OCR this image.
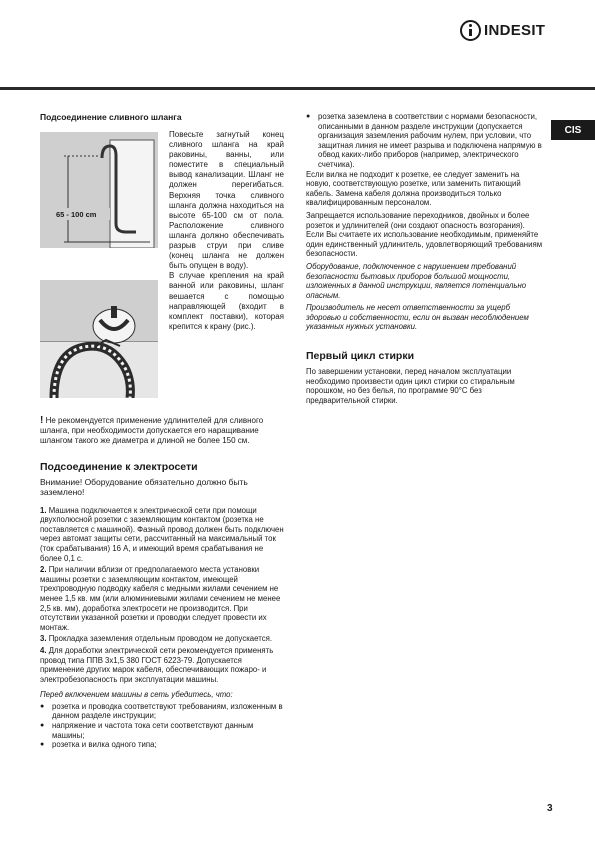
INDESIT
CIS
Подсоединение сливного шланга
65 - 100 cm

Повесьте загнутый конец сливного шланга на край раковины, ванны, или поместите в специальный вывод канализации. Шланг не должен перегибаться. Верхняя точка сливного шланга должна находиться на высоте 65-100 см от пола. Расположение сливного шланга должно обеспечивать разрыв струи при сливе (конец шланга не должен быть опущен в воду).

В случае крепления на край ванной или раковины, шланг вешается с помощью направляющей (входит в комплект поставки), которая крепится к крану (рис.).

! Не рекомендуется применение удлинителей для сливного шланга, при необходимости допускается его наращивание шлангом такого же диаметра и длиной не более 150 см.

Подсоединение к электросети

Внимание! Оборудование обязательно должно быть заземлено!

1. Машина подключается к электрической сети при помощи двухполюсной розетки с заземляющим контактом (розетка не поставляется с машиной). Фазный провод должен быть подключен через автомат защиты сети, рассчитанный на максимальный ток (ток срабатывания) 16 А, и имеющий время срабатывания не более 0,1 с.

2. При наличии вблизи от предполагаемого места установки машины розетки с заземляющим контактом, имеющей трехпроводную подводку кабеля с медными жилами сечением не менее 1,5 кв. мм (или алюминиевыми жилами сечением не менее 2,5 кв. мм), доработка электросети не производится. При отсутствии указанной розетки и проводки следует провести их монтаж.

3. Прокладка заземления отдельным проводом не допускается.

4. Для доработки электрической сети рекомендуется применять провод типа ППВ 3х1,5 380 ГОСТ 6223-79. Допускается применение других марок кабеля, обеспечивающих пожаро- и электробезопасность при эксплуатации машины.

Перед включением машины в сеть убедитесь, что:

● розетка и проводка соответствуют требованиям, изложенным в данном разделе инструкции;
● напряжение и частота тока сети соответствуют данным машины;
● розетка и вилка одного типа;
● розетка заземлена в соответствии с нормами безопасности, описанными в данном разделе инструкции (допускается организация заземления рабочим нулем, при условии, что защитная линия не имеет разрыва и подключена напрямую в обвод каких-либо приборов (например, электрического счетчика).

Если вилка не подходит к розетке, ее следует заменить на новую, соответствующую розетке, или заменить питающий кабель. Замена кабеля должна производиться только квалифицированным персоналом.

Запрещается использование переходников, двойных и более розеток и удлинителей (они создают опасность возгорания). Если Вы считаете их использование необходимым, применяйте один единственный удлинитель, удовлетворяющий требованиям безопасности.

Оборудование, подключенное с нарушением требований безопасности бытовых приборов большой мощности, изложенных в данной инструкции, является потенциально опасным.

Производитель не несет ответственности за ущерб здоровью и собственности, если он вызван несоблюдением указанных нужных установки.

Первый цикл стирки

По завершении установки, перед началом эксплуатации необходимо произвести один цикл стирки со стиральным порошком, но без белья, по программе 90°С без предварительной стирки.

3
